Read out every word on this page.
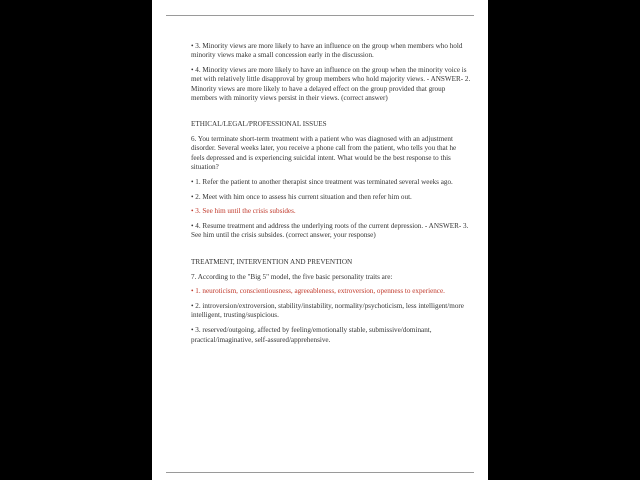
• 3. Minority views are more likely to have an influence on the group when members who hold minority views make a small concession early in the discussion.

• 4. Minority views are more likely to have an influence on the group when the minority voice is met with relatively little disapproval by group members who hold majority views. - ANSWER- 2. Minority views are more likely to have a delayed effect on the group provided that group members with minority views persist in their views. (correct answer)

ETHICAL/LEGAL/PROFESSIONAL ISSUES

6. You terminate short-term treatment with a patient who was diagnosed with an adjustment disorder. Several weeks later, you receive a phone call from the patient, who tells you that he feels depressed and is experiencing suicidal intent. What would be the best response to this situation?

• 1. Refer the patient to another therapist since treatment was terminated several weeks ago.

• 2. Meet with him once to assess his current situation and then refer him out.

• 3. See him until the crisis subsides.

• 4. Resume treatment and address the underlying roots of the current depression. - ANSWER- 3. See him until the crisis subsides. (correct answer, your response)

TREATMENT, INTERVENTION AND PREVENTION

7. According to the "Big 5" model, the five basic personality traits are:

• 1. neuroticism, conscientiousness, agreeableness, extroversion, openness to experience.

• 2. introversion/extroversion, stability/instability, normality/psychoticism, less intelligent/more intelligent, trusting/suspicious.

• 3. reserved/outgoing, affected by feeling/emotionally stable, submissive/dominant, practical/imaginative, self-assured/apprehensive.
